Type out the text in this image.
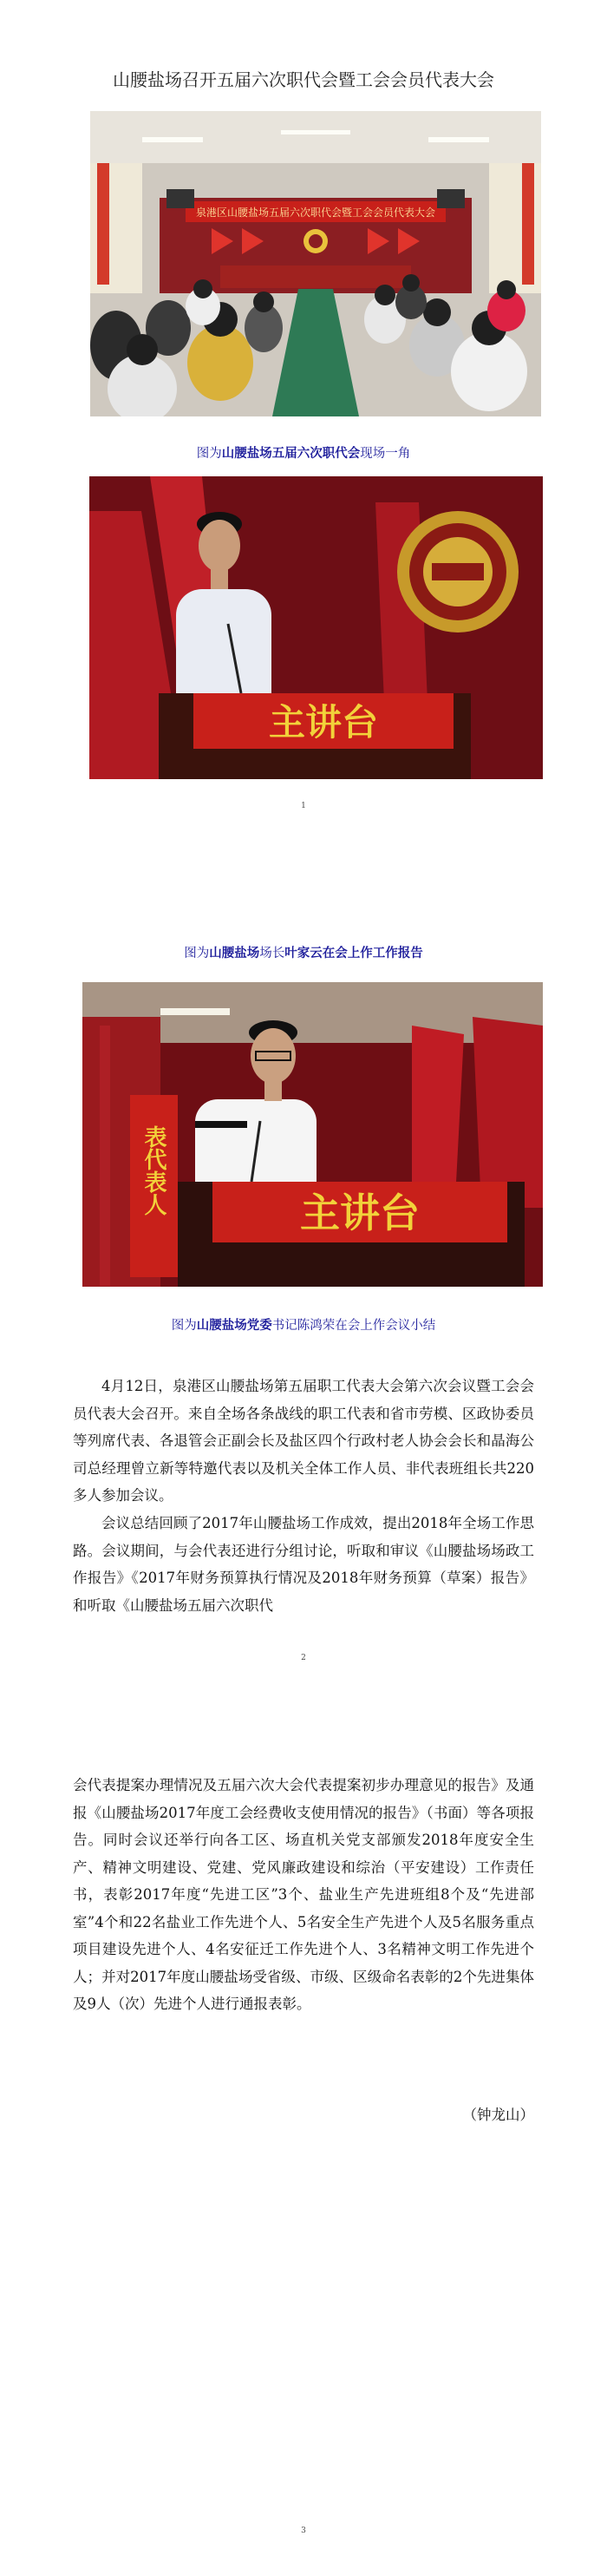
山腰盐场召开五届六次职代会暨工会会员代表大会
泉港区山腰盐场五届六次职代会暨工会会员代表大会
图为山腰盐场五届六次职代会现场一角
主讲台
1
图为山腰盐场场长叶家云在会上作工作报告
表代表人	主讲台
图为山腰盐场党委书记陈鸿荣在会上作会议小结
4月12日，泉港区山腰盐场第五届职工代表大会第六次会议暨工会会员代表大会召开。来自全场各条战线的职工代表和省市劳模、区政协委员等列席代表、各退管会正副会长及盐区四个行政村老人协会会长和晶海公司总经理曾立新等特邀代表以及机关全体工作人员、非代表班组长共220多人参加会议。
会议总结回顾了2017年山腰盐场工作成效，提出2018年全场工作思路。会议期间，与会代表还进行分组讨论，听取和审议《山腰盐场场政工作报告》《2017年财务预算执行情况及2018年财务预算（草案）报告》和听取《山腰盐场五届六次职代
2
会代表提案办理情况及五届六次大会代表提案初步办理意见的报告》及通报《山腰盐场2017年度工会经费收支使用情况的报告》（书面）等各项报告。同时会议还举行向各工区、场直机关党支部颁发2018年度安全生产、精神文明建设、党建、党风廉政建设和综治（平安建设）工作责任书，表彰2017年度“先进工区”3个、盐业生产先进班组8个及“先进部室”4个和22名盐业工作先进个人、5名安全生产先进个人及5名服务重点项目建设先进个人、4名安征迁工作先进个人、3名精神文明工作先进个人；并对2017年度山腰盐场受省级、市级、区级命名表彰的2个先进集体及9人（次）先进个人进行通报表彰。
（钟龙山）
3
